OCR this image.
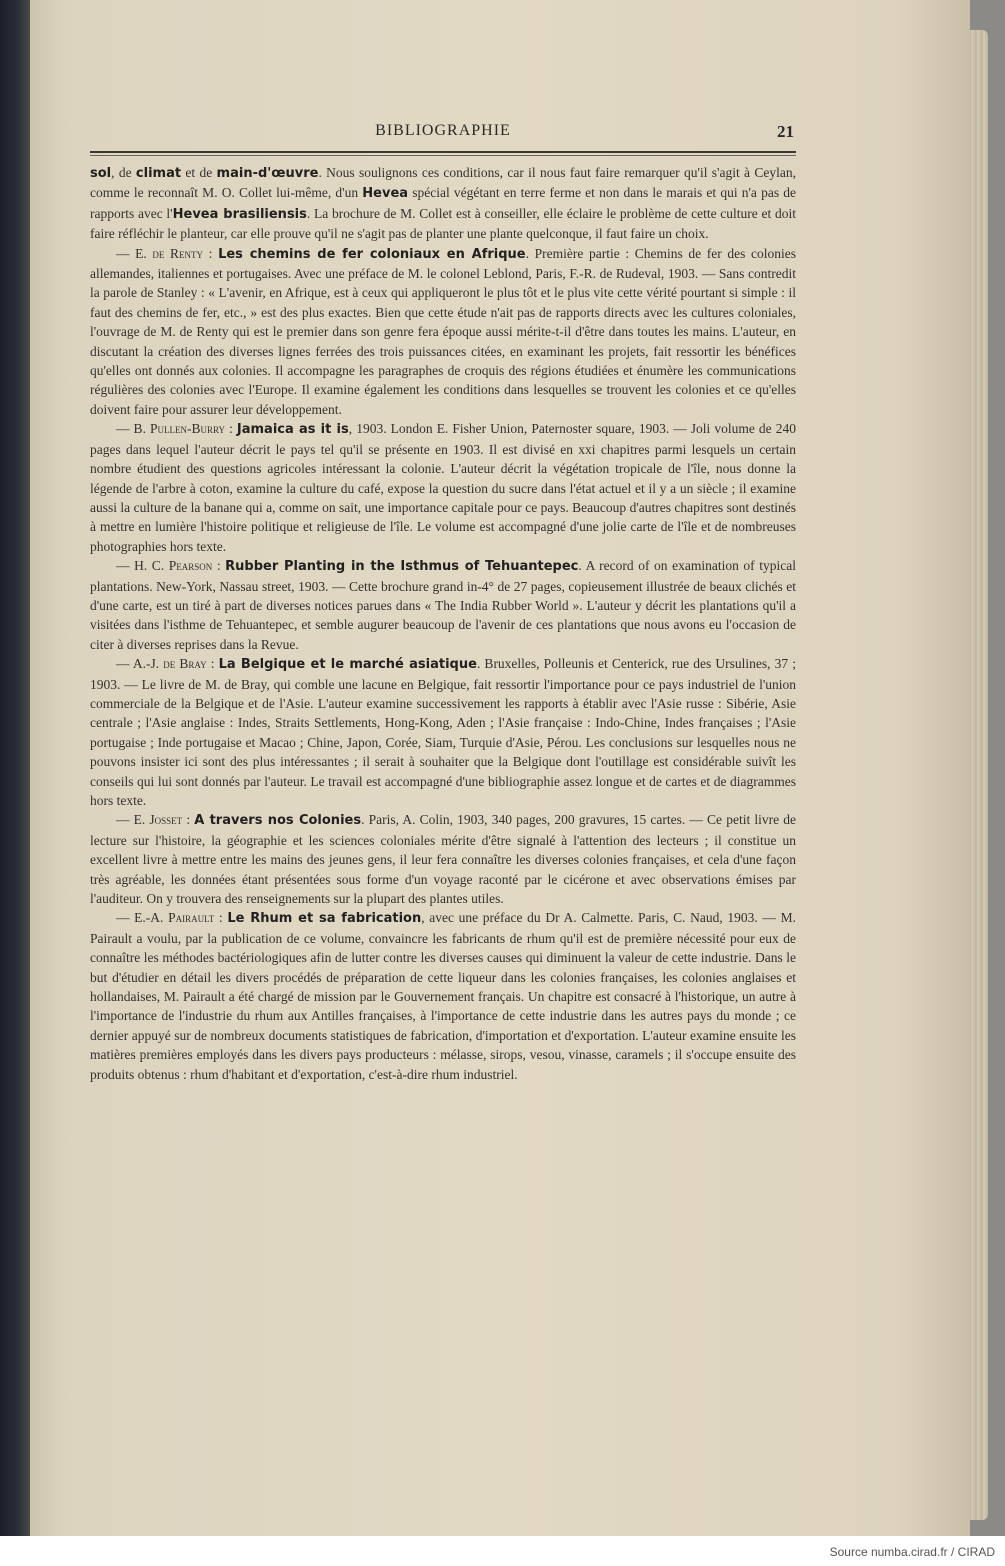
BIBLIOGRAPHIE	21

sol, de climat et de main-d'œuvre. Nous soulignons ces conditions, car il nous faut faire remarquer qu'il s'agit à Ceylan, comme le reconnaît M. O. Collet lui-même, d'un Hevea spécial végétant en terre ferme et non dans le marais et qui n'a pas de rapports avec l'Hevea brasiliensis. La brochure de M. Collet est à conseiller, elle éclaire le problème de cette culture et doit faire réfléchir le planteur, car elle prouve qu'il ne s'agit pas de planter une plante quelconque, il faut faire un choix.

— E. de Renty : Les chemins de fer coloniaux en Afrique. Première partie : Chemins de fer des colonies allemandes, italiennes et portugaises. Avec une préface de M. le colonel Leblond, Paris, F.-R. de Rudeval, 1903. — Sans contredit la parole de Stanley : « L'avenir, en Afrique, est à ceux qui appliqueront le plus tôt et le plus vite cette vérité pourtant si simple : il faut des chemins de fer, etc., » est des plus exactes. Bien que cette étude n'ait pas de rapports directs avec les cultures coloniales, l'ouvrage de M. de Renty qui est le premier dans son genre fera époque aussi mérite-t-il d'être dans toutes les mains. L'auteur, en discutant la création des diverses lignes ferrées des trois puissances citées, en examinant les projets, fait ressortir les bénéfices qu'elles ont donnés aux colonies. Il accompagne les paragraphes de croquis des régions étudiées et énumère les communications régulières des colonies avec l'Europe. Il examine également les conditions dans lesquelles se trouvent les colonies et ce qu'elles doivent faire pour assurer leur développement.

— B. Pullen-Burry : Jamaica as it is, 1903. London E. Fisher Union, Paternoster square, 1903. — Joli volume de 240 pages dans lequel l'auteur décrit le pays tel qu'il se présente en 1903. Il est divisé en xxi chapitres parmi lesquels un certain nombre étudient des questions agricoles intéressant la colonie. L'auteur décrit la végétation tropicale de l'île, nous donne la légende de l'arbre à coton, examine la culture du café, expose la question du sucre dans l'état actuel et il y a un siècle ; il examine aussi la culture de la banane qui a, comme on sait, une importance capitale pour ce pays. Beaucoup d'autres chapitres sont destinés à mettre en lumière l'histoire politique et religieuse de l'île. Le volume est accompagné d'une jolie carte de l'île et de nombreuses photographies hors texte.

— H. C. Pearson : Rubber Planting in the Isthmus of Tehuantepec. A record of on examination of typical plantations. New-York, Nassau street, 1903. — Cette brochure grand in-4° de 27 pages, copieusement illustrée de beaux clichés et d'une carte, est un tiré à part de diverses notices parues dans « The India Rubber World ». L'auteur y décrit les plantations qu'il a visitées dans l'isthme de Tehuantepec, et semble augurer beaucoup de l'avenir de ces plantations que nous avons eu l'occasion de citer à diverses reprises dans la Revue.

— A.-J. de Bray : La Belgique et le marché asiatique. Bruxelles, Polleunis et Centerick, rue des Ursulines, 37 ; 1903. — Le livre de M. de Bray, qui comble une lacune en Belgique, fait ressortir l'importance pour ce pays industriel de l'union commerciale de la Belgique et de l'Asie. L'auteur examine successivement les rapports à établir avec l'Asie russe : Sibérie, Asie centrale ; l'Asie anglaise : Indes, Straits Settlements, Hong-Kong, Aden ; l'Asie française : Indo-Chine, Indes françaises ; l'Asie portugaise ; Inde portugaise et Macao ; Chine, Japon, Corée, Siam, Turquie d'Asie, Pérou. Les conclusions sur lesquelles nous ne pouvons insister ici sont des plus intéressantes ; il serait à souhaiter que la Belgique dont l'outillage est considérable suivît les conseils qui lui sont donnés par l'auteur. Le travail est accompagné d'une bibliographie assez longue et de cartes et de diagrammes hors texte.

— E. Josset : A travers nos Colonies. Paris, A. Colin, 1903, 340 pages, 200 gravures, 15 cartes. — Ce petit livre de lecture sur l'histoire, la géographie et les sciences coloniales mérite d'être signalé à l'attention des lecteurs ; il constitue un excellent livre à mettre entre les mains des jeunes gens, il leur fera connaître les diverses colonies françaises, et cela d'une façon très agréable, les données étant présentées sous forme d'un voyage raconté par le cicérone et avec observations émises par l'auditeur. On y trouvera des renseignements sur la plupart des plantes utiles.

— E.-A. Pairault : Le Rhum et sa fabrication, avec une préface du Dr A. Calmette. Paris, C. Naud, 1903. — M. Pairault a voulu, par la publication de ce volume, convaincre les fabricants de rhum qu'il est de première nécessité pour eux de connaître les méthodes bactériologiques afin de lutter contre les diverses causes qui diminuent la valeur de cette industrie. Dans le but d'étudier en détail les divers procédés de préparation de cette liqueur dans les colonies françaises, les colonies anglaises et hollandaises, M. Pairault a été chargé de mission par le Gouvernement français. Un chapitre est consacré à l'historique, un autre à l'importance de l'industrie du rhum aux Antilles françaises, à l'importance de cette industrie dans les autres pays du monde ; ce dernier appuyé sur de nombreux documents statistiques de fabrication, d'importation et d'exportation. L'auteur examine ensuite les matières premières employés dans les divers pays producteurs : mélasse, sirops, vesou, vinasse, caramels ; il s'occupe ensuite des produits obtenus : rhum d'habitant et d'exportation, c'est-à-dire rhum industriel.

Source numba.cirad.fr / CIRAD
